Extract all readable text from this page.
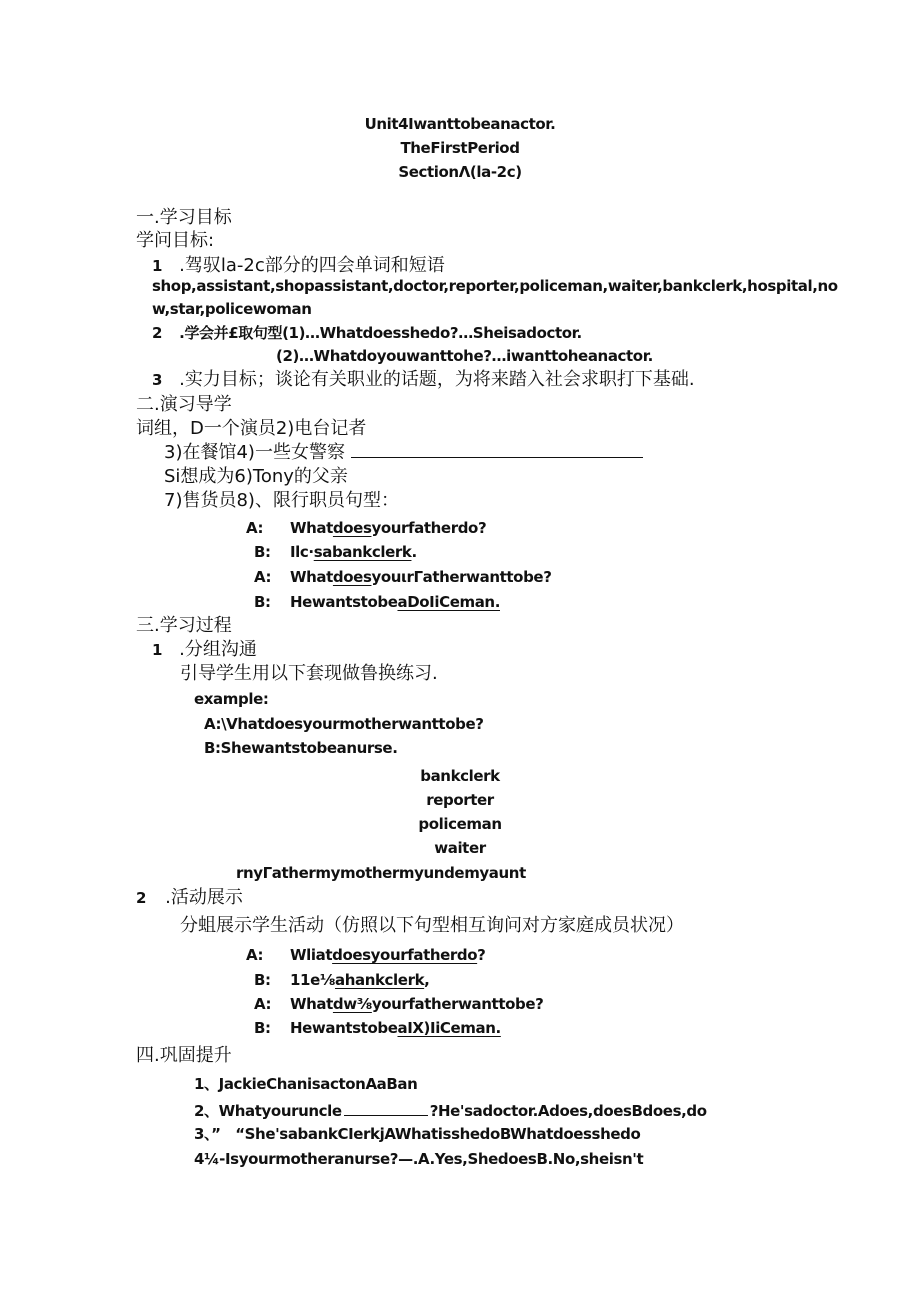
Unit4Iwanttobeanactor.
TheFirstPeriod
SectionΛ(la-2c)
一.学习目标
学问目标:
1 .驾驭la-2c部分的四会单词和短语
shop,assistant,shopassistant,doctor,reporter,policeman,waiter,bankclerk,hospital,no
w,star,policewoman
2 .学会并£取句型(1)…Whatdoesshedo?…Sheisadoctor.
(2)…Whatdoyouwanttohe?…iwanttoheanactor.
3 .实力目标；谈论有关职业的话题，为将来踏入社会求职打下基础.
二.演习导学
词组，D一个演员2)电台记者
3)在餐馆4)一些女警察
Si想成为6)Tony的父亲
7)售货员8)、限行职员句型：
A: Whatdoesyourfatherdo?
B: Ilc·sabankclerk.
A: WhatdoesyouιrΓatherwanttobe?
B: HewantstobeaDoIiCeman.
三.学习过程
1 .分组沟通
引导学生用以下套现做鲁换练习.
example:
A:\Vhatdoesyourmotherwanttobe?
B:Shewantstobeanurse.
bankclerk
reporter
policeman
waiter
rnyΓathermymothermyundemyaunt
2 .活动展示
分蛆展示学生活动（仿照以下句型相互询问对方家庭成员状况）
A: Wliatdoesyourfatherdo?
B: 11e⅛ahankclerk,
A: Whatdw⅜yourfatherwanttobe?
B: HewantstobeaIX)IiCeman.
四.巩固提升
1、JackieChanisactonAaBan
2、Whatyouruncle	?He'sadoctor.Adoes,doesBdoes,do
3、”　“She'sabankCIerkjAWhatisshedoBWhatdoesshedo
4¼-Isyourmotheranurse?—.A.Yes,ShedoesB.No,sheisn't
